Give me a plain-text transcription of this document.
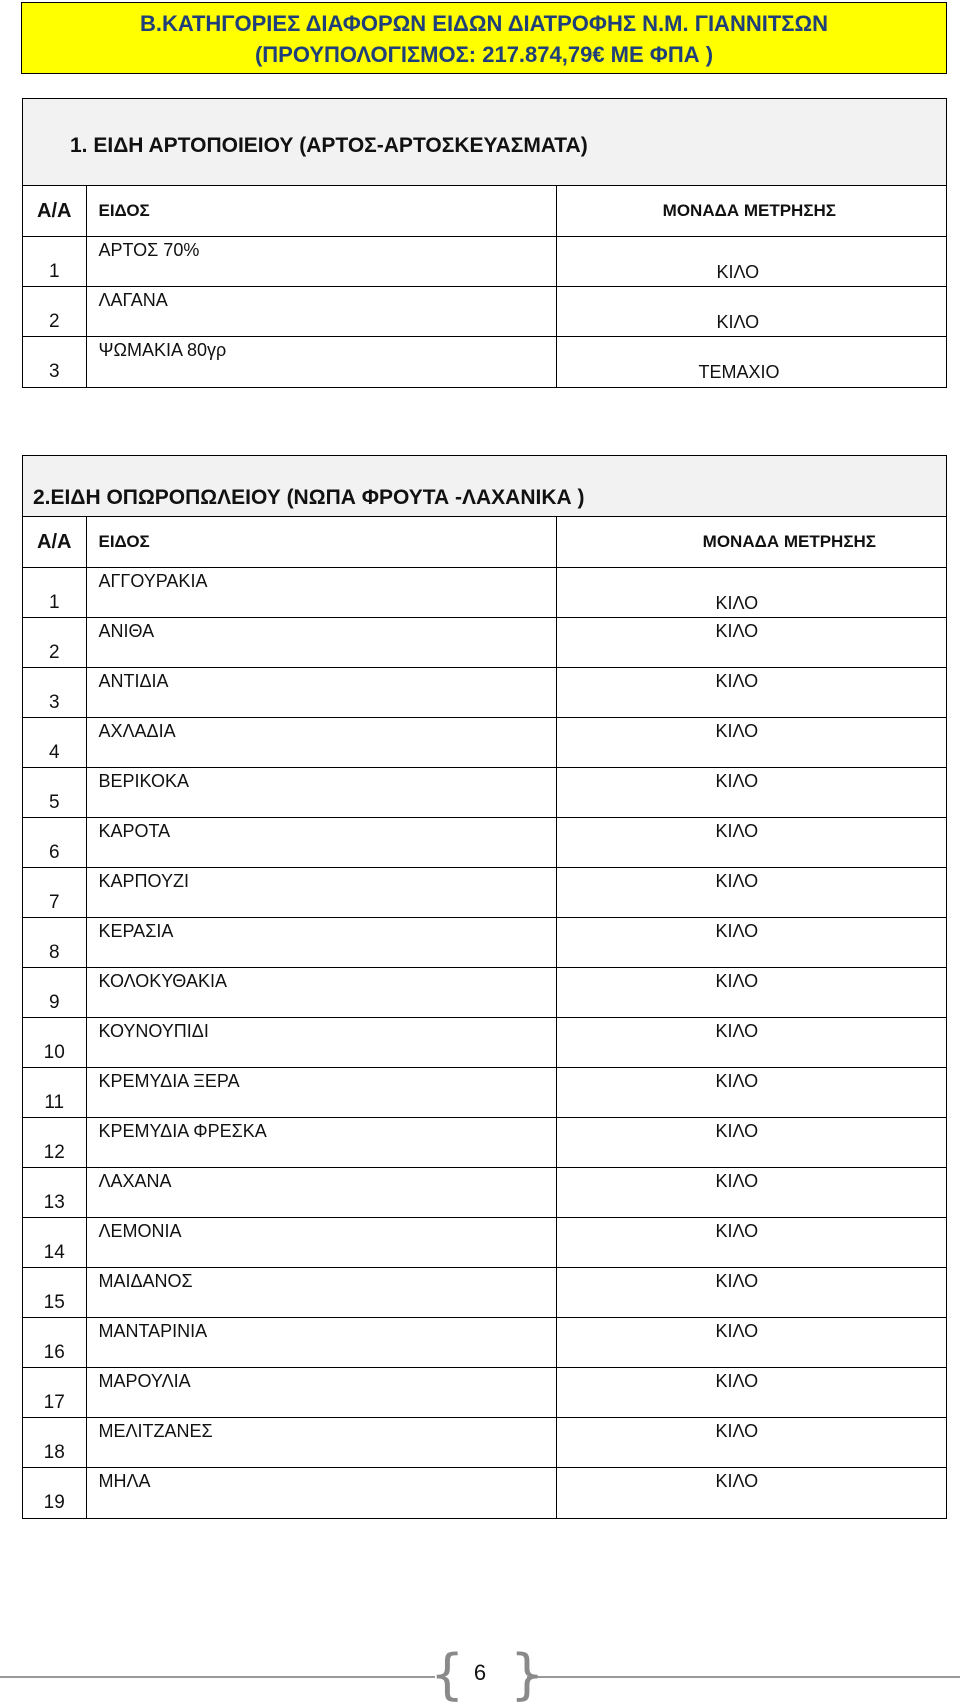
Β.ΚΑΤΗΓΟΡΙΕΣ ΔΙΑΦΟΡΩΝ ΕΙΔΩΝ ΔΙΑΤΡΟΦΗΣ Ν.Μ. ΓΙΑΝΝΙΤΣΩΝ
(ΠΡΟΥΠΟΛΟΓΙΣΜΟΣ: 217.874,79€ ΜΕ ΦΠΑ )
1. ΕΙΔΗ ΑΡΤΟΠΟΙΕΙΟΥ (ΑΡΤΟΣ-ΑΡΤΟΣΚΕΥΑΣΜΑΤΑ)
Α/Α	ΕΙΔΟΣ	ΜΟΝΑΔΑ ΜΕΤΡΗΣΗΣ

1	ΑΡΤΟΣ 70%	ΚΙΛΟ

2	ΛΑΓΑΝΑ	ΚΙΛΟ

3	ΨΩΜΑΚΙΑ 80γρ	ΤΕΜΑΧΙΟ
2.ΕΙΔΗ ΟΠΩΡΟΠΩΛΕΙΟΥ (ΝΩΠΑ ΦΡΟΥΤΑ -ΛΑΧΑΝΙΚΑ )
Α/Α	ΕΙΔΟΣ	ΜΟΝΑΔΑ ΜΕΤΡΗΣΗΣ

1	ΑΓΓΟΥΡΑΚΙΑ	ΚΙΛΟ

2	ΑΝΙΘΑ	ΚΙΛΟ

3	ΑΝΤΙΔΙΑ	ΚΙΛΟ

4	ΑΧΛΑΔΙΑ	ΚΙΛΟ

5	ΒΕΡΙΚΟΚΑ	ΚΙΛΟ

6	ΚΑΡΟΤΑ	ΚΙΛΟ

7	ΚΑΡΠΟΥΖΙ	ΚΙΛΟ

8	ΚΕΡΑΣΙΑ	ΚΙΛΟ

9	ΚΟΛΟΚΥΘΑΚΙΑ	ΚΙΛΟ

10	ΚΟΥΝΟΥΠΙΔΙ	ΚΙΛΟ

11	ΚΡΕΜΥΔΙΑ ΞΕΡΑ	ΚΙΛΟ

12	ΚΡΕΜΥΔΙΑ ΦΡΕΣΚΑ	ΚΙΛΟ

13	ΛΑΧΑΝΑ	ΚΙΛΟ

14	ΛΕΜΟΝΙΑ	ΚΙΛΟ

15	ΜΑΙΔΑΝΟΣ	ΚΙΛΟ

16	ΜΑΝΤΑΡΙΝΙΑ	ΚΙΛΟ

17	ΜΑΡΟΥΛΙΑ	ΚΙΛΟ

18	ΜΕΛΙΤΖΑΝΕΣ	ΚΙΛΟ

19	ΜΗΛΑ	ΚΙΛΟ
{ }
6
